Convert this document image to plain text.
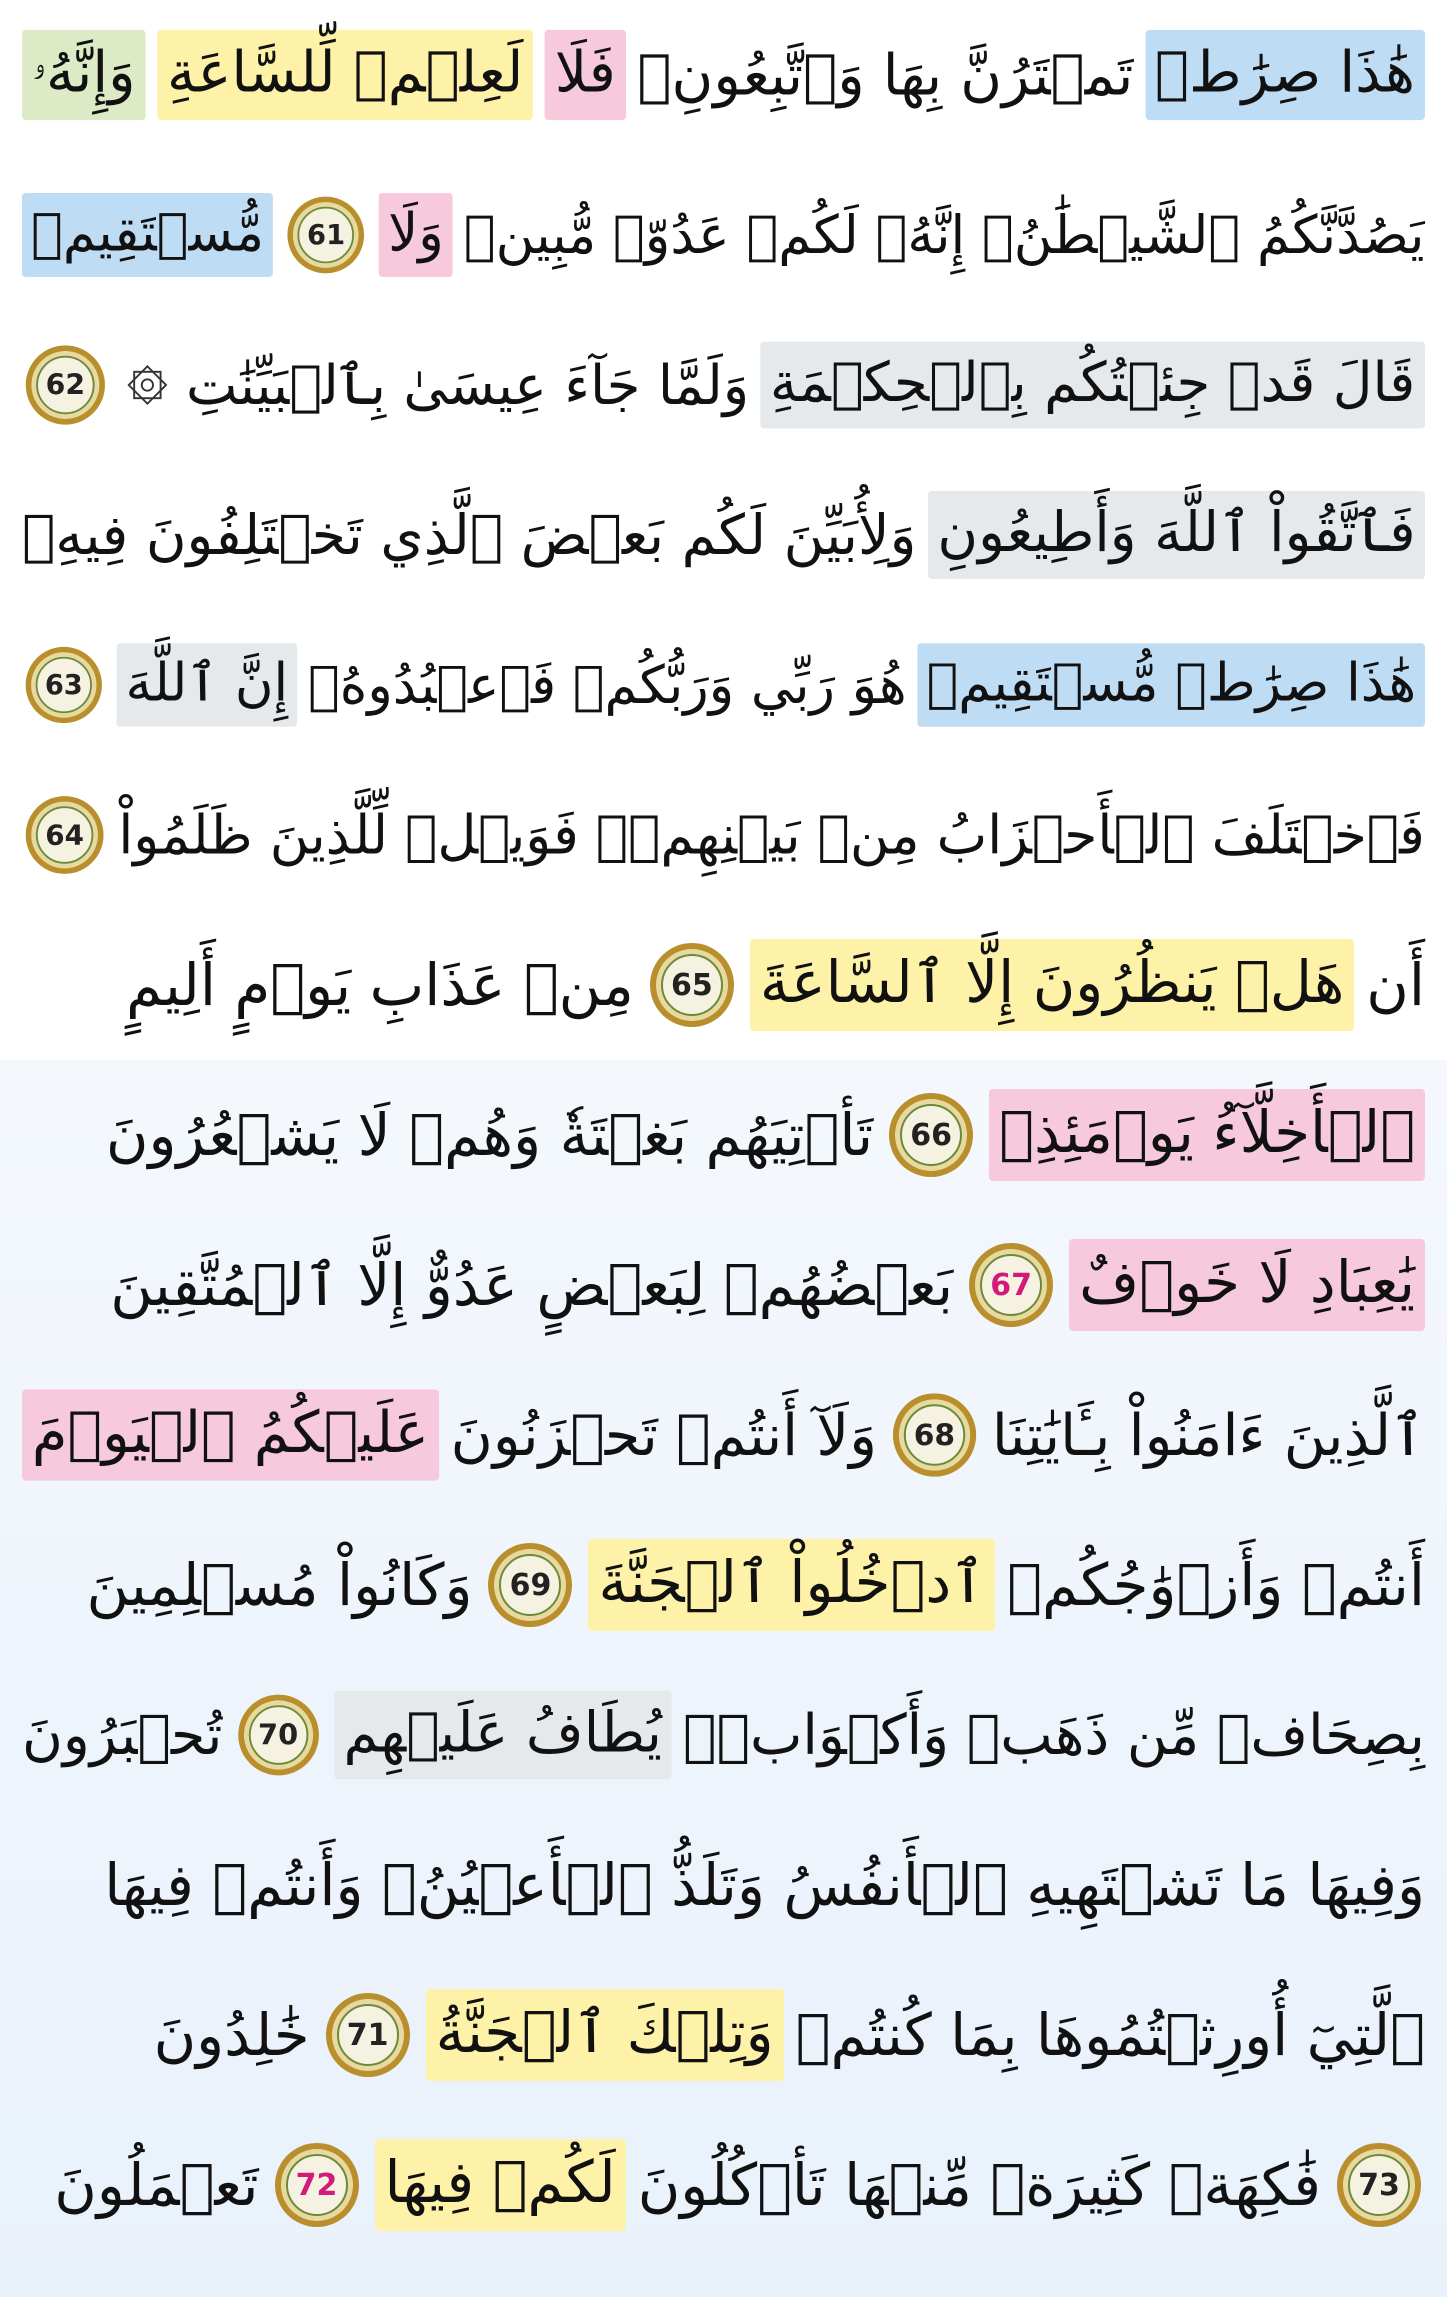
وَإِنَّهُۥ لَعِلۡمٞ لِّلسَّاعَةِ فَلَا تَمۡتَرُنَّ بِهَا وَٱتَّبِعُونِۚ هَٰذَا صِرَٰطٞ
مُّسۡتَقِيمٞ	61 وَلَا يَصُدَّنَّكُمُ ٱلشَّيۡطَٰنُۖ إِنَّهُۥ لَكُمۡ عَدُوّٞ مُّبِينٞ
62 وَلَمَّا جَآءَ عِيسَىٰ بِٱلۡبَيِّنَٰتِ قَالَ قَدۡ جِئۡتُكُم بِٱلۡحِكۡمَةِ
وَلِأُبَيِّنَ لَكُم بَعۡضَ ٱلَّذِي تَخۡتَلِفُونَ فِيهِۖ فَٱتَّقُواْ ٱللَّهَ وَأَطِيعُونِ
63 إِنَّ ٱللَّهَ هُوَ رَبِّي وَرَبُّكُمۡ فَٱعۡبُدُوهُۚ هَٰذَا صِرَٰطٞ مُّسۡتَقِيمٞ
64 فَٱخۡتَلَفَ ٱلۡأَحۡزَابُ مِنۢ بَيۡنِهِمۡۖ فَوَيۡلٞ لِّلَّذِينَ ظَلَمُواْ
مِنۡ عَذَابِ يَوۡمٍ أَلِيمٍ 65 هَلۡ يَنظُرُونَ إِلَّا ٱلسَّاعَةَ أَن
تَأۡتِيَهُم بَغۡتَةٗ وَهُمۡ لَا يَشۡعُرُونَ 66 ٱلۡأَخِلَّآءُ يَوۡمَئِذِۢ
بَعۡضُهُمۡ لِبَعۡضٍ عَدُوٌّ إِلَّا ٱلۡمُتَّقِينَ 67 يَٰعِبَادِ لَا خَوۡفٌ
عَلَيۡكُمُ ٱلۡيَوۡمَ وَلَآ أَنتُمۡ تَحۡزَنُونَ 68 ٱلَّذِينَ ءَامَنُواْ بِـَٔايَٰتِنَا
وَكَانُواْ مُسۡلِمِينَ 69 ٱدۡخُلُواْ ٱلۡجَنَّةَ أَنتُمۡ وَأَزۡوَٰجُكُمۡ
تُحۡبَرُونَ 70 يُطَافُ عَلَيۡهِم بِصِحَافٖ مِّن ذَهَبٖ وَأَكۡوَابٖۖ
وَفِيهَا مَا تَشۡتَهِيهِ ٱلۡأَنفُسُ وَتَلَذُّ ٱلۡأَعۡيُنُۖ وَأَنتُمۡ فِيهَا
خَٰلِدُونَ 71 وَتِلۡكَ ٱلۡجَنَّةُ ٱلَّتِيٓ أُورِثۡتُمُوهَا بِمَا كُنتُمۡ
تَعۡمَلُونَ 72 لَكُمۡ فِيهَا فَٰكِهَةٞ كَثِيرَةٞ مِّنۡهَا تَأۡكُلُونَ 73
